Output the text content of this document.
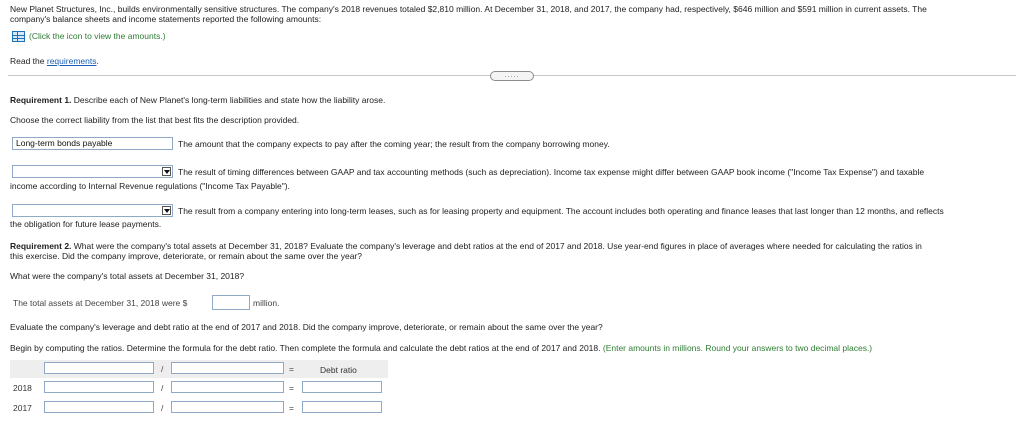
New Planet Structures, Inc., builds environmentally sensitive structures. The company's 2018 revenues totaled $2,810 million. At December 31, 2018, and 2017, the company had, respectively, $646 million and $591 million in current assets. The
company's balance sheets and income statements reported the following amounts:
(Click the icon to view the amounts.)
Read the requirements.
.....
Requirement 1. Describe each of New Planet's long-term liabilities and state how the liability arose.
Choose the correct liability from the list that best fits the description provided.
Long-term bonds payable	The amount that the company expects to pay after the coming year; the result from the company borrowing money.
The result of timing differences between GAAP and tax accounting methods (such as depreciation). Income tax expense might differ between GAAP book income ("Income Tax Expense") and taxable
income according to Internal Revenue regulations ("Income Tax Payable").
The result from a company entering into long-term leases, such as for leasing property and equipment. The account includes both operating and finance leases that last longer than 12 months, and reflects
the obligation for future lease payments.
Requirement 2. What were the company's total assets at December 31, 2018? Evaluate the company's leverage and debt ratios at the end of 2017 and 2018. Use year-end figures in place of averages where needed for calculating the ratios in
this exercise. Did the company improve, deteriorate, or remain about the same over the year?
What were the company's total assets at December 31, 2018?
The total assets at December 31, 2018 were $	million.
Evaluate the company's leverage and debt ratio at the end of 2017 and 2018. Did the company improve, deteriorate, or remain about the same over the year?
Begin by computing the ratios. Determine the formula for the debt ratio. Then complete the formula and calculate the debt ratios at the end of 2017 and 2018. (Enter amounts in millions. Round your answers to two decimal places.)
/	=	Debt ratio
2018	/	=
2017	/	=
